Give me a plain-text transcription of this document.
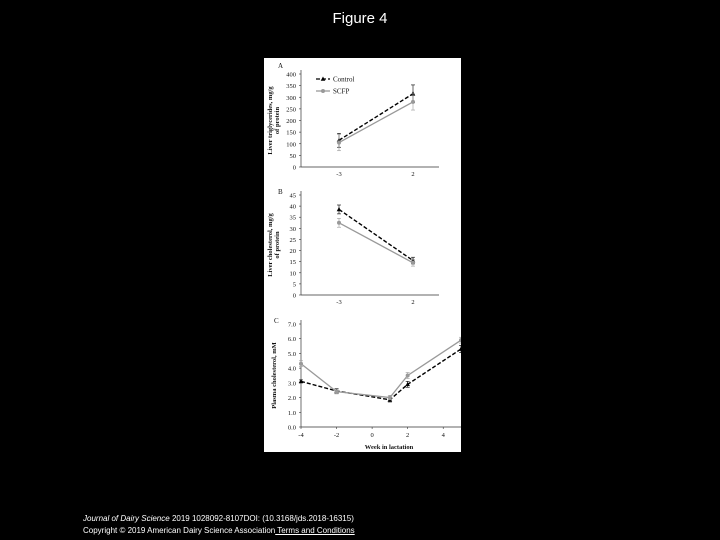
Figure 4
A
0
50
100
150
200
250
300
350
400
-3	2
Liver triglycerides, mg/g of protein
Control
SCFP
B
0
5
10
15
20
25
30
35
40
45
-3	2
Liver cholesterol, mg/g of protein
C
0.0
1.0
2.0
3.0
4.0
5.0
6.0
7.0
-4	-2	0	2	4
Plasma cholesterol, mM
Week in lactation
Journal of Dairy Science 2019 1028092-8107DOI: (10.3168/jds.2018-16315)
Copyright © 2019 American Dairy Science Association Terms and Conditions
